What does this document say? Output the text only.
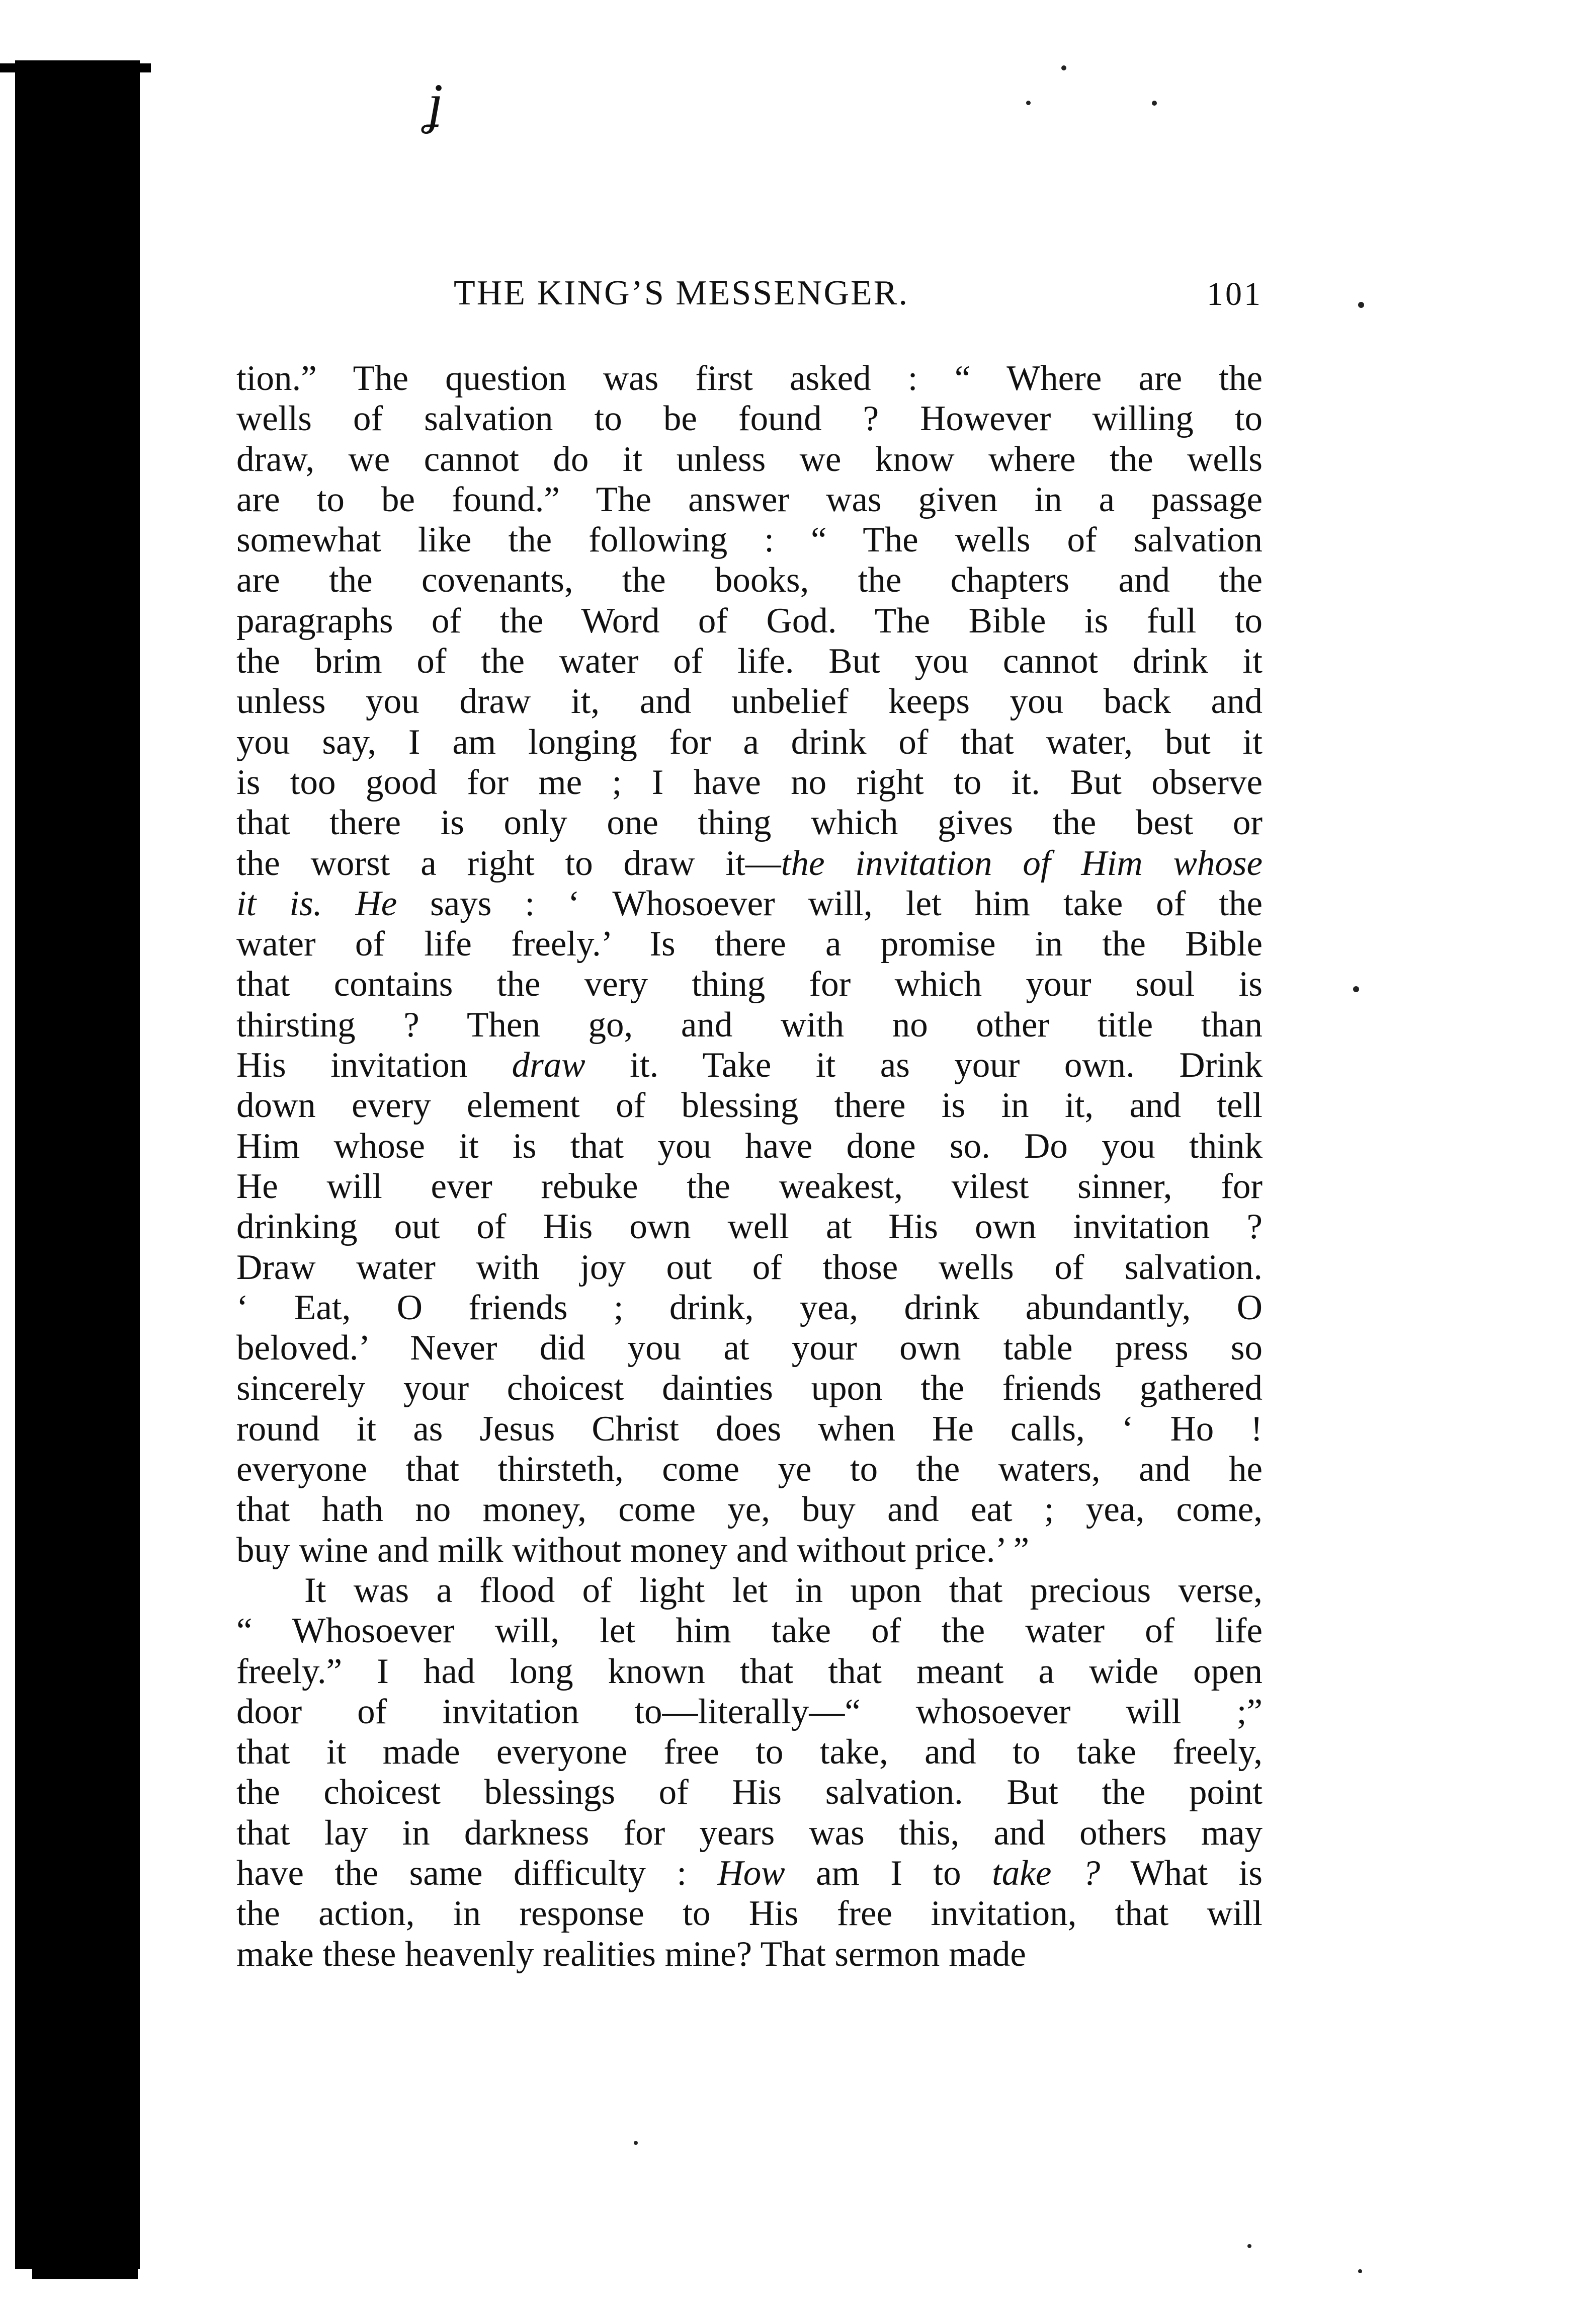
ʝ
THE KING’S MESSENGER.	101
tion.” The question was first asked : “ Where are the
wells of salvation to be found ? However willing to
draw, we cannot do it unless we know where the wells
are to be found.” The answer was given in a passage
somewhat like the following : “ The wells of salvation
are the covenants, the books, the chapters and the
paragraphs of the Word of God. The Bible is full to
the brim of the water of life. But you cannot drink it
unless you draw it, and unbelief keeps you back and
you say, I am longing for a drink of that water, but it
is too good for me ; I have no right to it. But observe
that there is only one thing which gives the best or
the worst a right to draw it—the invitation of Him whose
it is. He says : ‘ Whosoever will, let him take of the
water of life freely.’ Is there a promise in the Bible
that contains the very thing for which your soul is
thirsting ? Then go, and with no other title than
His invitation draw it. Take it as your own. Drink
down every element of blessing there is in it, and tell
Him whose it is that you have done so. Do you think
He will ever rebuke the weakest, vilest sinner, for
drinking out of His own well at His own invitation ?
Draw water with joy out of those wells of salvation.
‘ Eat, O friends ; drink, yea, drink abundantly, O
beloved.’ Never did you at your own table press so
sincerely your choicest dainties upon the friends gathered
round it as Jesus Christ does when He calls, ‘ Ho !
everyone that thirsteth, come ye to the waters, and he
that hath no money, come ye, buy and eat ; yea, come,
buy wine and milk without money and without price.’ ”
It was a flood of light let in upon that precious verse,
“ Whosoever will, let him take of the water of life
freely.” I had long known that that meant a wide open
door of invitation to—literally—“ whosoever will ;”
that it made everyone free to take, and to take freely,
the choicest blessings of His salvation. But the point
that lay in darkness for years was this, and others may
have the same difficulty : How am I to take ? What is
the action, in response to His free invitation, that will
make these heavenly realities mine? That sermon made
